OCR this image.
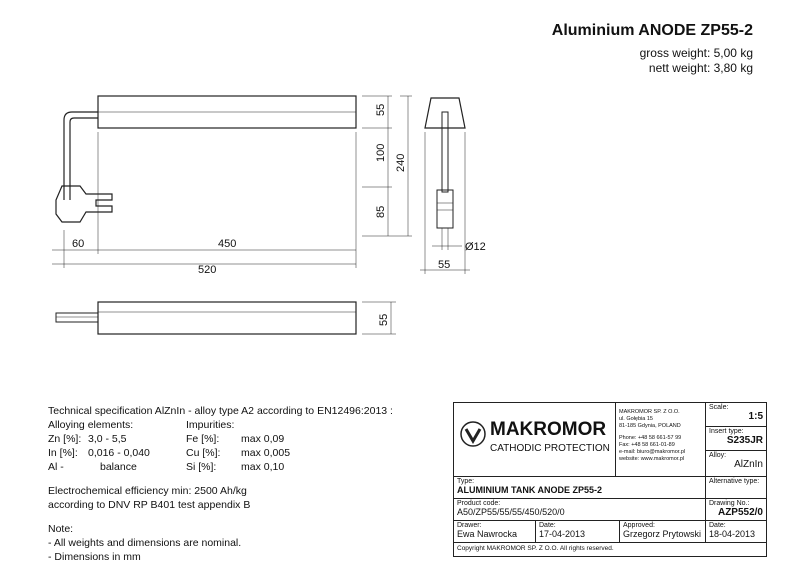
Aluminium ANODE ZP55-2
gross weight: 5,00 kg
nett weight: 3,80 kg
55
100
85
240
60	450
520
Ø12
55
55
Technical specification AlZnIn - alloy type A2 according to EN12496:2013 :
Alloying elements:	Impurities:
Zn [%]: 3,0 - 5,5	Fe [%]:	max 0,09
In [%]: 0,016 - 0,040	Cu [%]:	max 0,005
Al -	balance	Si [%]:	max 0,10
Electrochemical efficiency min: 2500 Ah/kg
according to DNV RP B401 test appendix B
Note:
- All weights and dimensions are nominal.
- Dimensions in mm
MAKROMOR
CATHODIC PROTECTION
MAKROMOR SP. Z O.O.
ul. Gołębia 15
81-185 Gdynia, POLAND
Phone: +48 58 661-57 99
Fax: +48 58 661-01-89
e-mail: biuro@makromor.pl
website: www.makromor.pl
Scale:
1:5
Insert type:
S235JR
Alloy:
AlZnIn
Type:
ALUMINIUM TANK ANODE ZP55-2
Alternative type:
Product code:
A50/ZP55/55/55/450/520/0
Drawing No.:
AZP552/0
Drawer:
Ewa Nawrocka
Date:
17-04-2013
Approved:
Grzegorz Prytowski
Date:
18-04-2013
Copyright MAKROMOR SP. Z O.O. All rights reserved.
